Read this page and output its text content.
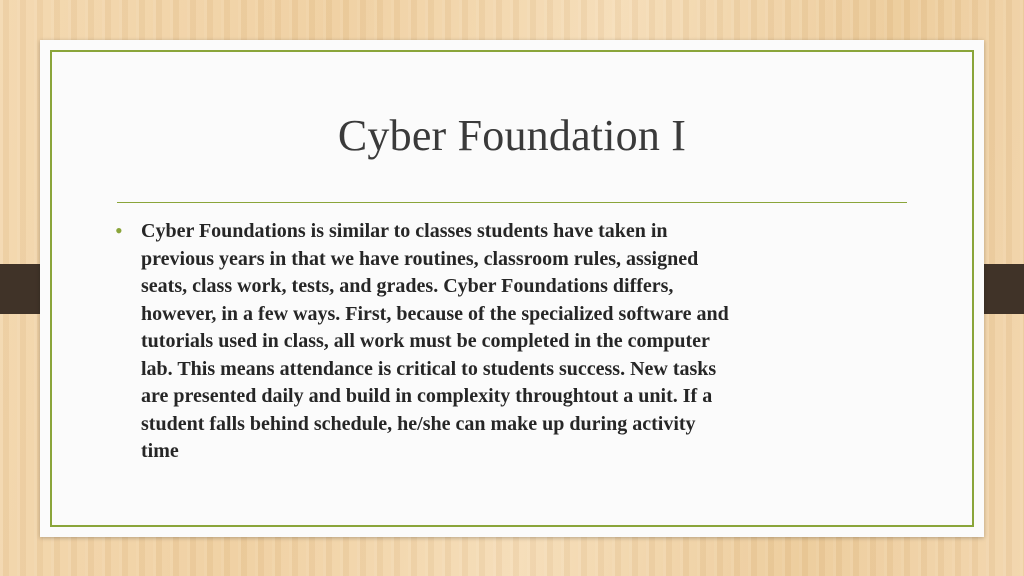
Cyber Foundation I
• Cyber Foundations is similar to classes students have taken in
previous years in that we have routines, classroom rules, assigned
seats, class work, tests, and grades. Cyber Foundations differs,
however, in a few ways. First, because of the specialized software and
tutorials used in class, all work must be completed in the computer
lab. This means attendance is critical to students success. New tasks
are presented daily and build in complexity throughtout a unit. If a
student falls behind schedule, he/she can make up during activity
time
